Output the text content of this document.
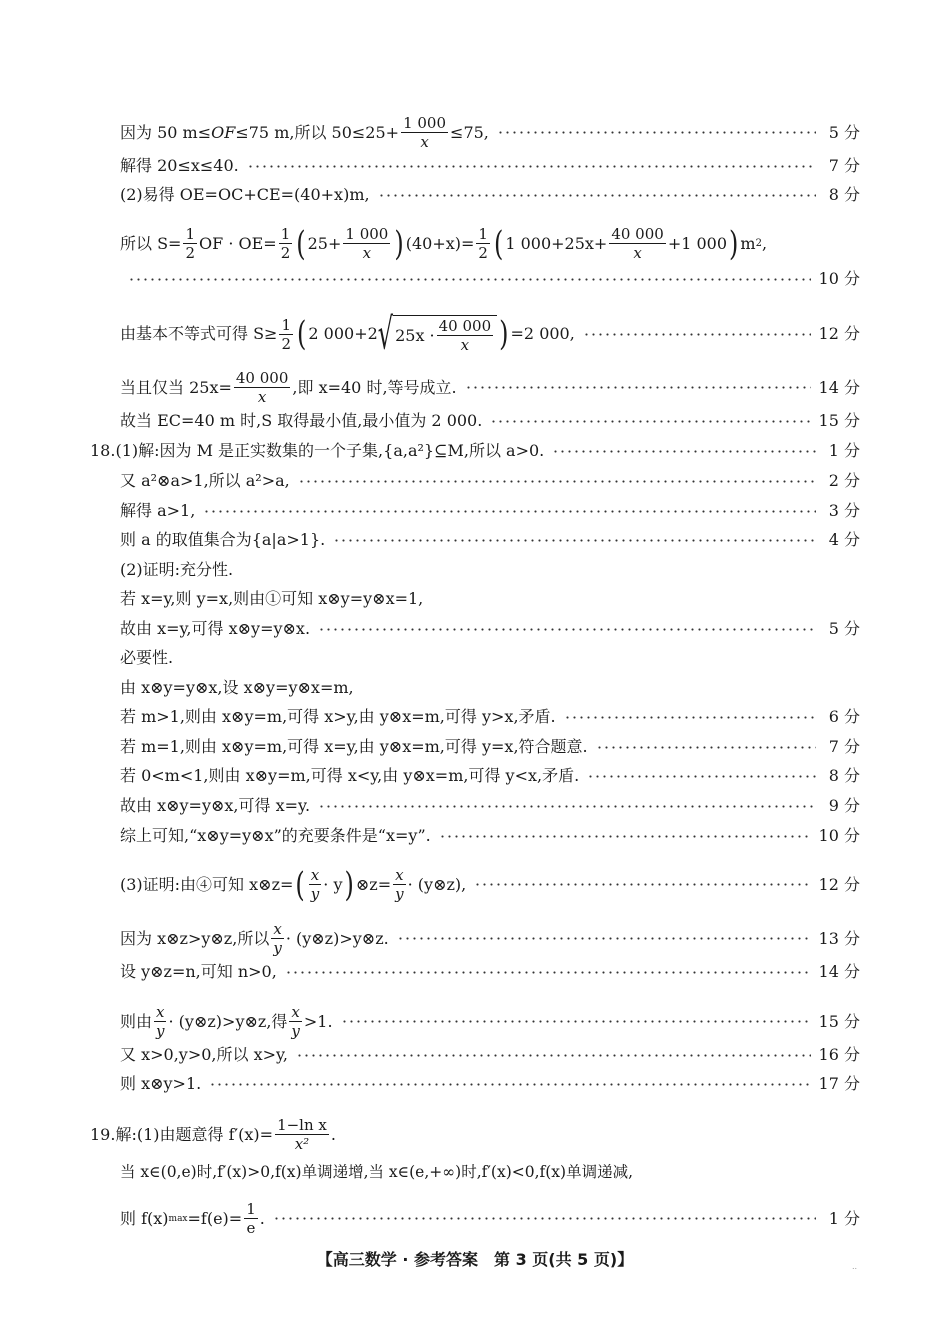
因为 50 m≤ OF ≤75 m,所以 $50\le 25+ \frac{1 000}{x} \le 75$,	5 分
解得 20≤x≤40.	7 分
(2)易得 OE=OC+CE=(40+x)m,	8 分
所以 $S= \frac{1}{2}$ OF · $OE= \frac{1}{2}$ ( $25+ \frac{1 000}{x}$ ) $(40+x)= \frac{1}{2}$ ( 1 $000+25x+ \frac{40 000}{x} +1$ 000 ) m 2 ,
10 分
由基本不等式可得 $S\ge \frac{1}{2}$ ( 2 000+2 √ $25x \cdot \frac{40 000}{x}$ ) =2 000,	12 分
当且仅当 $25x= \frac{40 000}{x}$ ,即 x=40 时,等号成立.	14 分
故当 EC=40 m 时,S 取得最小值,最小值为 2 000.	15 分
18.(1)解:因为 M 是正实数集的一个子集,{a,a²}⊆M,所以 a>0.	1 分
又 a²⊗a>1,所以 a²>a,	2 分
解得 a>1,	3 分
则 a 的取值集合为{a|a>1}.	4 分
(2)证明:充分性.
若 x=y,则 y=x,则由①可知 x⊗y=y⊗x=1,
故由 x=y,可得 x⊗y=y⊗x.	5 分
必要性.
由 x⊗y=y⊗x,设 x⊗y=y⊗x=m,
若 m>1,则由 x⊗y=m,可得 x>y,由 y⊗x=m,可得 y>x,矛盾.	6 分
若 m=1,则由 x⊗y=m,可得 x=y,由 y⊗x=m,可得 y=x,符合题意.	7 分
若 0<m<1,则由 x⊗y=m,可得 x<y,由 y⊗x=m,可得 y<x,矛盾.	8 分
故由 x⊗y=y⊗x,可得 x=y.	9 分
综上可知,“x⊗y=y⊗x”的充要条件是“x=y”.	10 分
(3)证明:由④可知 x⊗z= ( $\frac{x}{y} \cdot y$ ) ⊗z= $\frac{x}{y}$ · (y⊗z),	12 分
因为 x⊗z>y⊗z,所以 $\frac{x}{y}$ · (y⊗z)>y⊗z.	13 分
设 y⊗z=n,可知 n>0,	14 分
则由 $\frac{x}{y}$ · (y⊗z)>y⊗z,得 $\frac{x}{y} >1$.	15 分
又 x>0,y>0,所以 x>y,	16 分
则 x⊗y>1.	17 分
19.解:(1)由题意得 $f'(x)= \frac{\text{1−ln x}}{\text{x²}}$ .
当 x∈(0,e)时,f′(x)>0,f(x)单调递增,当 x∈(e,+∞)时,f′(x)<0,f(x)单调递减,
则 f(x) $\max =f(e)= \frac{1}{e}$ .	1 分
【高三数学 · 参考答案　第 3 页(共 5 页)】	..
